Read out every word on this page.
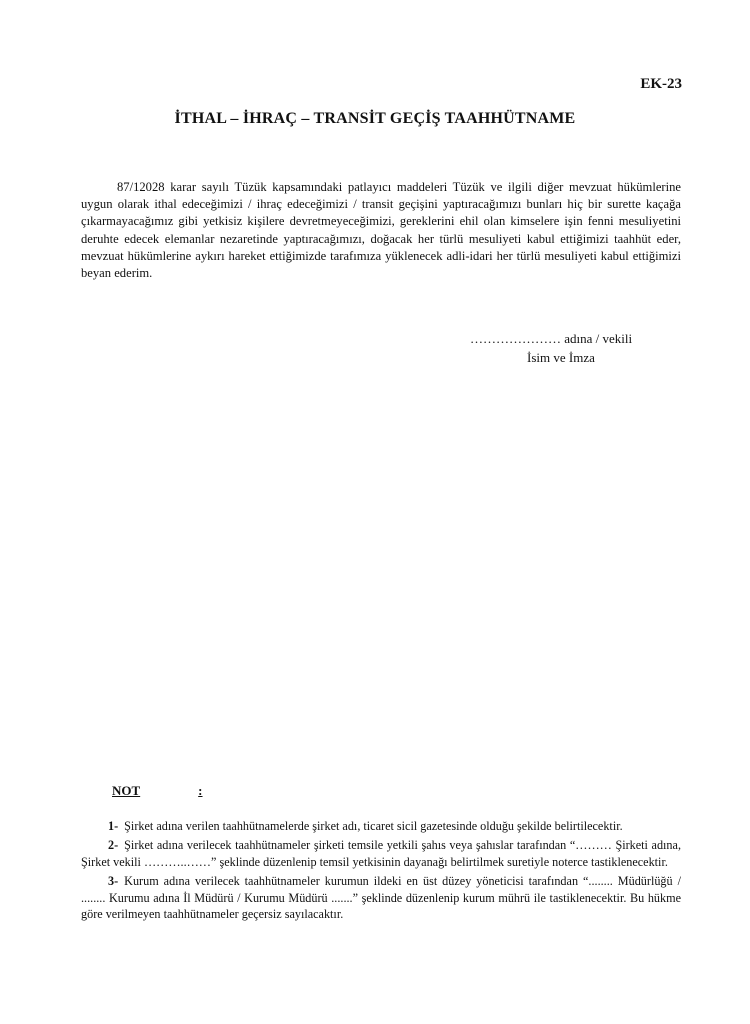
EK-23
İTHAL – İHRAÇ – TRANSİT GEÇİŞ TAAHHÜTNAME
87/12028 karar sayılı Tüzük kapsamındaki patlayıcı maddeleri Tüzük ve ilgili diğer mevzuat hükümlerine uygun olarak ithal edeceğimizi / ihraç edeceğimizi / transit geçişini yaptıracağımızı bunları hiç bir surette kaçağa çıkarmayacağımız gibi yetkisiz kişilere devretmeyeceğimizi, gereklerini ehil olan kimselere işin fenni mesuliyetini deruhte edecek elemanlar nezaretinde yaptıracağımızı, doğacak her türlü mesuliyeti kabul ettiğimizi taahhüt eder, mevzuat hükümlerine aykırı hareket ettiğimizde tarafımıza yüklenecek adli-idari her türlü mesuliyeti kabul ettiğimizi beyan ederim.
………………… adına / vekili
İsim ve İmza
NOT	:
1- Şirket adına verilen taahhütnamelerde şirket adı, ticaret sicil gazetesinde olduğu şekilde belirtilecektir.
2- Şirket adına verilecek taahhütnameler şirketi temsile yetkili şahıs veya şahıslar tarafından “……… Şirketi adına, Şirket vekili ………..……” şeklinde düzenlenip temsil yetkisinin dayanağı belirtilmek suretiyle noterce tastiklenecektir.
3- Kurum adına verilecek taahhütnameler kurumun ildeki en üst düzey yöneticisi tarafından “........ Müdürlüğü / ........ Kurumu adına İl Müdürü / Kurumu Müdürü .......” şeklinde düzenlenip kurum mührü ile tastiklenecektir. Bu hükme göre verilmeyen taahhütnameler geçersiz sayılacaktır.
